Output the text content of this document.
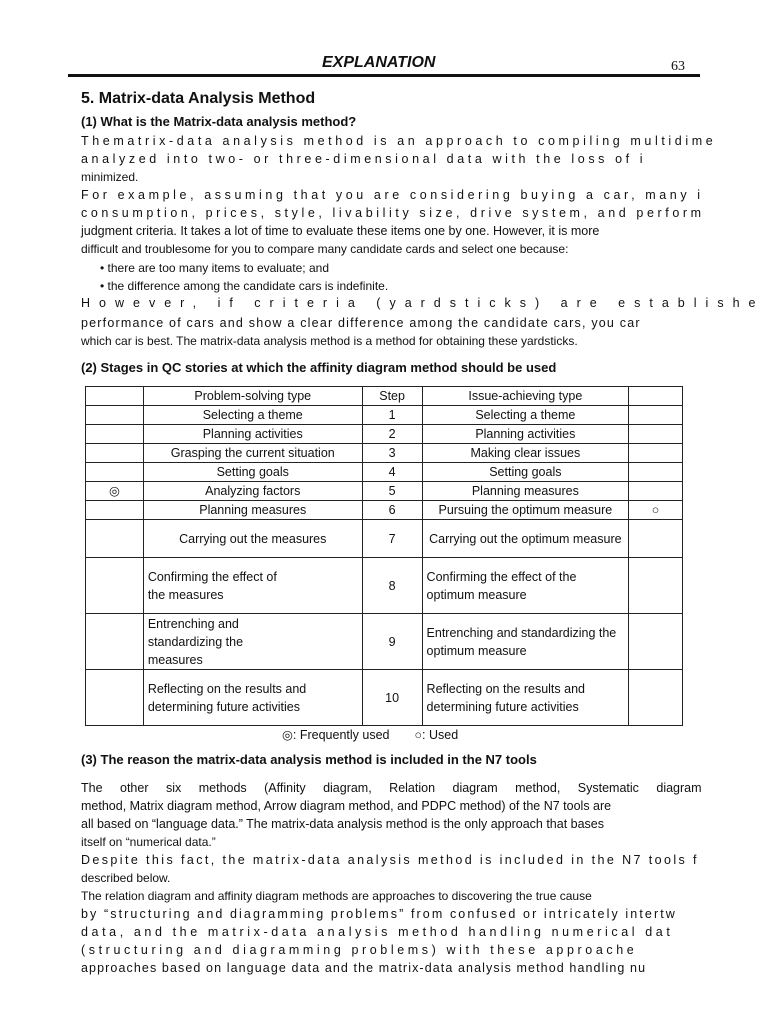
EXPLANATION	63
5. Matrix-data Analysis Method
(1) What is the Matrix-data analysis method?
Thematrix-data analysis method is an approach to compiling multidime
analyzed into two- or three-dimensional data with the loss of i
minimized.
For example, assuming that you are considering buying a car, many i
consumption, prices, style, livability size, drive system, and perform
judgment criteria. It takes a lot of time to evaluate these items one by one. However, it is more
difficult and troublesome for you to compare many candidate cards and select one because:
• there are too many items to evaluate; and
• the difference among the candidate cars is indefinite.
However, if criteria (yardsticks) are establishe
performance of cars and show a clear difference among the candidate cars, you car
which car is best. The matrix-data analysis method is a method for obtaining these yardsticks.
(2) Stages in QC stories at which the affinity diagram method should be used
	Problem-solving type	Step	Issue-achieving type	
	Selecting a theme	1	Selecting a theme	
	Planning activities	2	Planning activities	
	Grasping the current situation	3	Making clear issues	
	Setting goals	4	Setting goals	
◎	Analyzing factors	5	Planning measures	
	Planning measures	6	Pursuing the optimum measure	○
	Carrying out the measures	7	Carrying out the optimum measure	
	Confirming the effect of the measures	8	Confirming the effect of the optimum measure	
	Entrenching and standardizing the measures	9	Entrenching and standardizing the optimum measure	
	Reflecting on the results and determining future activities	10	Reflecting on the results and determining future activities	
◎: Frequently used　　○: Used
(3) The reason the matrix-data analysis method is included in the N7 tools
The other six methods (Affinity diagram, Relation diagram method, Systematic diagram
method, Matrix diagram method, Arrow diagram method, and PDPC method) of the N7 tools are
all based on “language data.” The matrix-data analysis method is the only approach that bases
itself on “numerical data.”
Despite this fact, the matrix-data analysis method is included in the N7 tools f
described below.
The relation diagram and affinity diagram methods are approaches to discovering the true cause
by “structuring and diagramming problems” from confused or intricately intertw
data, and the matrix-data analysis method handling numerical dat
(structuring and diagramming problems) with these approache
approaches based on language data and the matrix-data analysis method handling nu
